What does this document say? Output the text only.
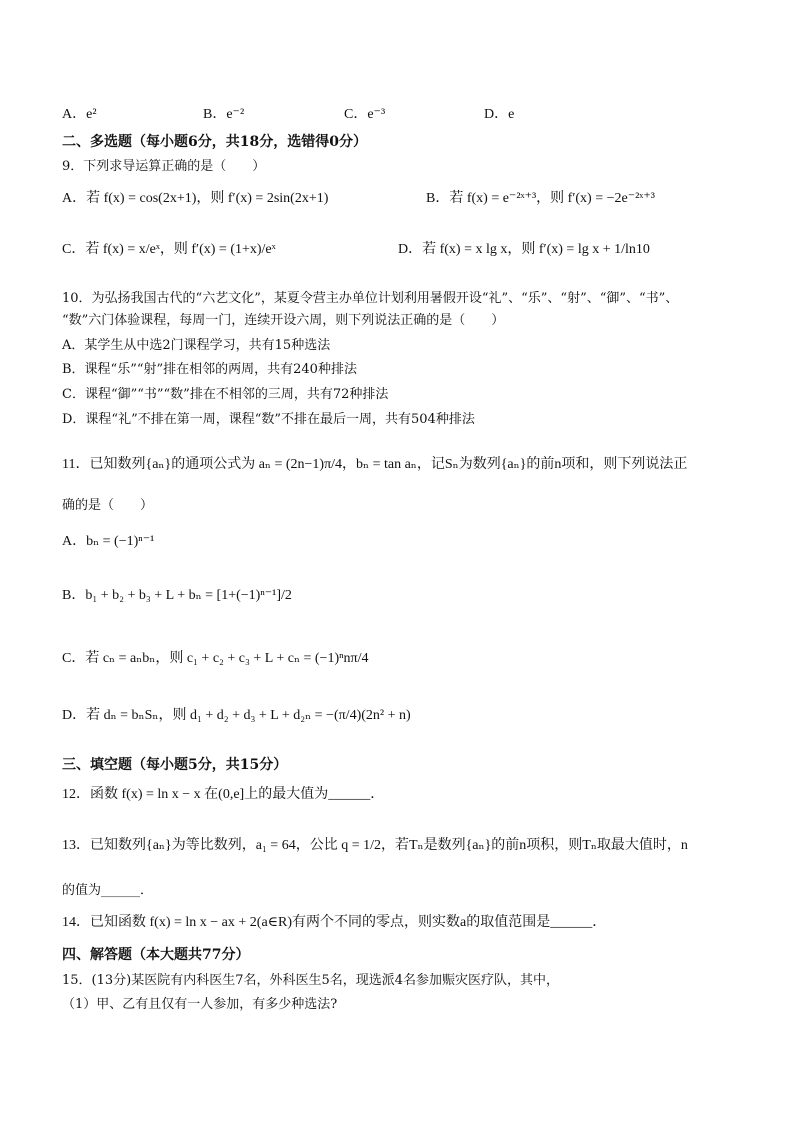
A．e²	B．e⁻²	C．e⁻³	D．e
二、多选题（每小题6分，共18分，选错得0分）
9．下列求导运算正确的是（　　）
A．若 f(x) = cos(2x+1)，则 f′(x) = 2sin(2x+1)	B．若 f(x) = e⁻²ˣ⁺³，则 f′(x) = −2e⁻²ˣ⁺³
C．若 f(x) = x/eˣ，则 f′(x) = (1+x)/eˣ	D．若 f(x) = x lg x，则 f′(x) = lg x + 1/ln10
10．为弘扬我国古代的“六艺文化”，某夏令营主办单位计划利用暑假开设“礼”、“乐”、“射”、“御”、“书”、
“数”六门体验课程，每周一门，连续开设六周，则下列说法正确的是（　　）
A．某学生从中选2门课程学习，共有15种选法
B．课程“乐”“射”排在相邻的两周，共有240种排法
C．课程“御”“书”“数”排在不相邻的三周，共有72种排法
D．课程“礼”不排在第一周，课程“数”不排在最后一周，共有504种排法
11．已知数列{aₙ}的通项公式为 aₙ = (2n−1)π/4，bₙ = tan aₙ，记Sₙ为数列{aₙ}的前n项和，则下列说法正
确的是（　　）
A．bₙ = (−1)ⁿ⁻¹
B．b₁ + b₂ + b₃ + L + bₙ = [1+(−1)ⁿ⁻¹]/2
C．若 cₙ = aₙbₙ，则 c₁ + c₂ + c₃ + L + cₙ = (−1)ⁿnπ/4
D．若 dₙ = bₙSₙ，则 d₁ + d₂ + d₃ + L + d₂ₙ = −(π/4)(2n² + n)
三、填空题（每小题5分，共15分）
12．函数 f(x) = ln x − x 在(0,e]上的最大值为______．
13．已知数列{aₙ}为等比数列，a₁ = 64，公比 q = 1/2，若Tₙ是数列{aₙ}的前n项积，则Tₙ取最大值时，n
的值为______．
14．已知函数 f(x) = ln x − ax + 2(a∈R)有两个不同的零点，则实数a的取值范围是______．
四、解答题（本大题共77分）
15．(13分)某医院有内科医生7名，外科医生5名，现选派4名参加赈灾医疗队，其中，
（1）甲、乙有且仅有一人参加，有多少种选法?
